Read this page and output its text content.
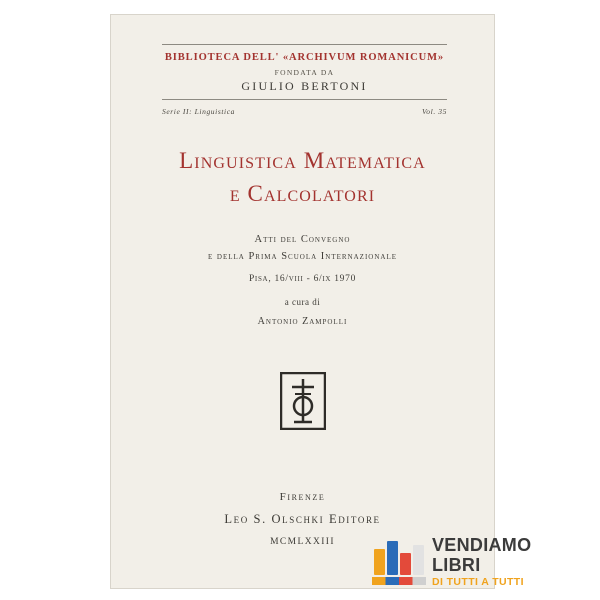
BIBLIOTECA DELL' «ARCHIVUM ROMANICUM»
FONDATA DA
GIULIO BERTONI
Serie II: Linguistica	Vol. 35
Linguistica Matematica
e Calcolatori
Atti del Convegno
e della Prima Scuola Internazionale
Pisa, 16/viii - 6/ix 1970
a cura di
Antonio Zampolli
Firenze
Leo S. Olschki Editore
MCMLXXIII	VENDIAMO
LIBRI
DI TUTTI A TUTTI
